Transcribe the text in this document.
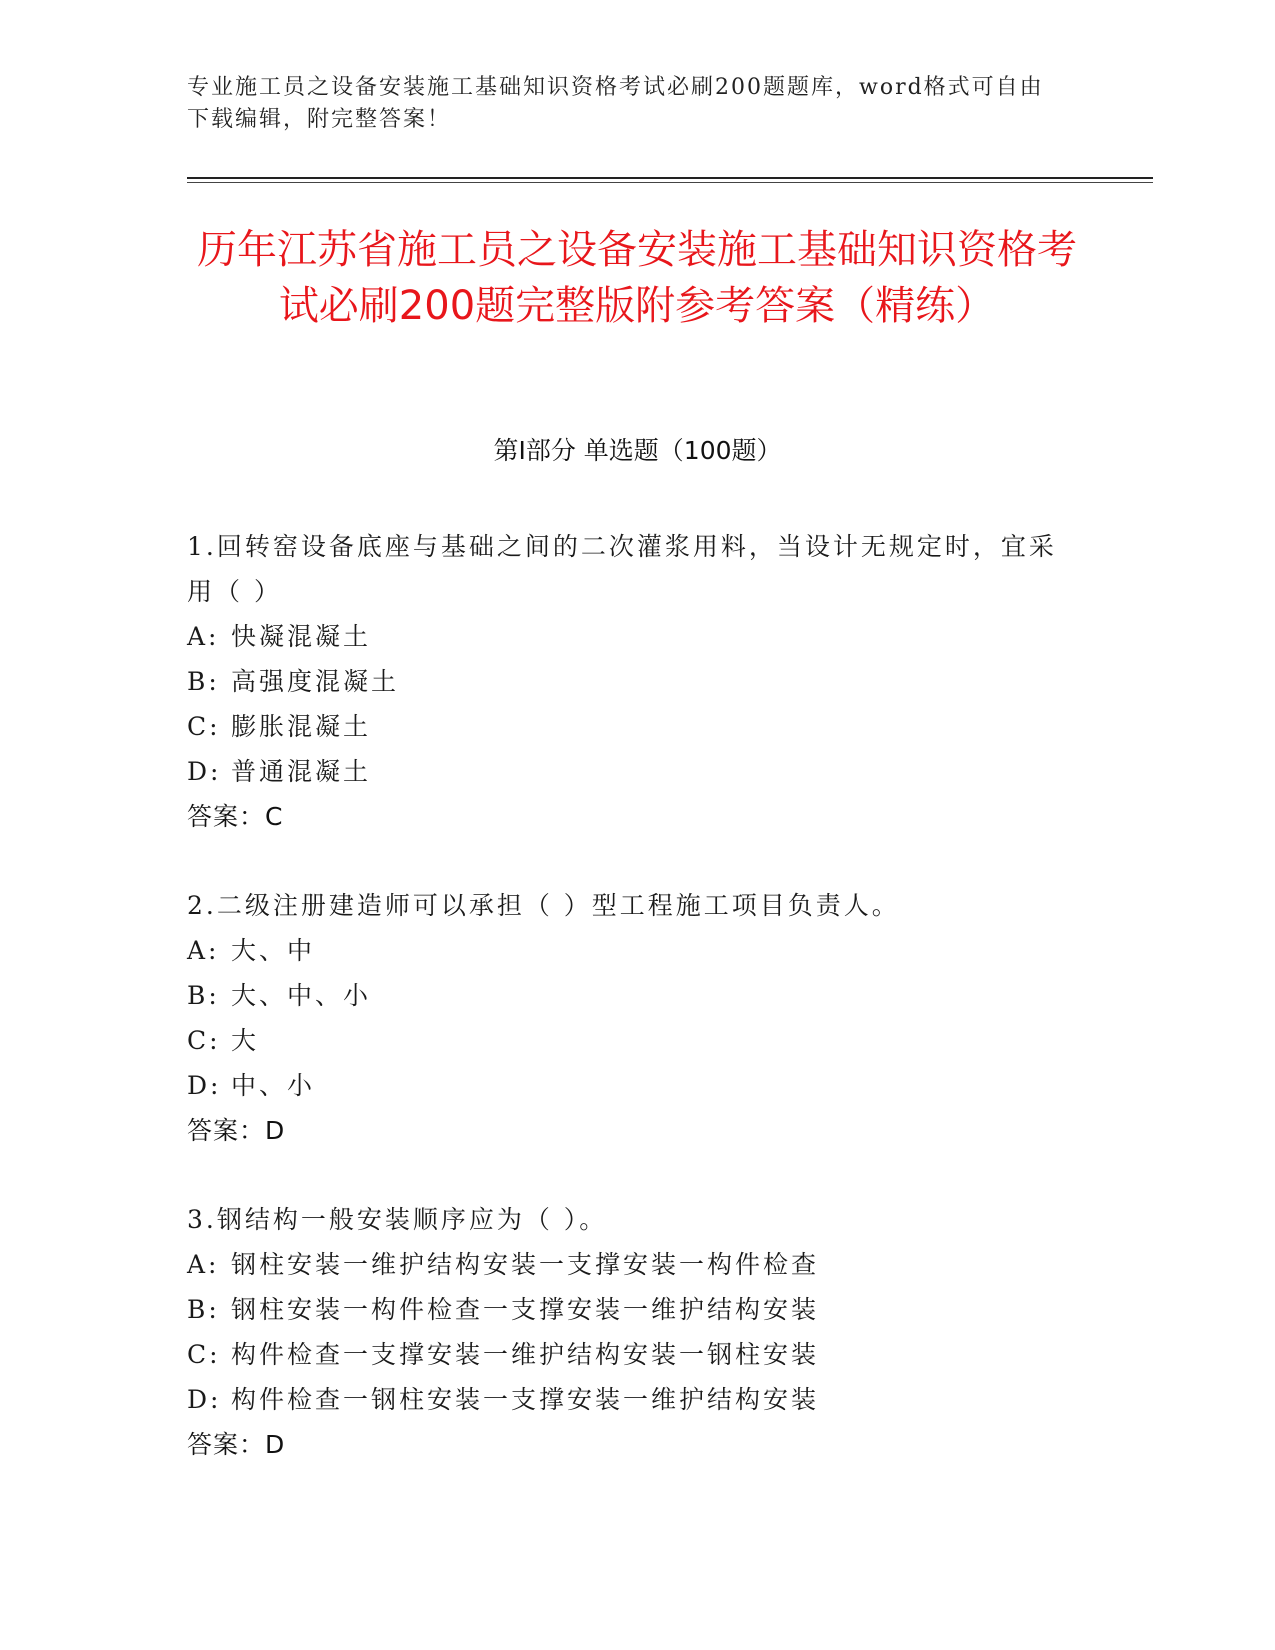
专业施工员之设备安装施工基础知识资格考试必刷200题题库，word格式可自由下载编辑，附完整答案！
历年江苏省施工员之设备安装施工基础知识资格考试必刷200题完整版附参考答案（精练）
第I部分 单选题（100题）
1.回转窑设备底座与基础之间的二次灌浆用料，当设计无规定时，宜采用（ ）
A: 快凝混凝土
B: 高强度混凝土
C: 膨胀混凝土
D: 普通混凝土
答案：C
2.二级注册建造师可以承担（ ）型工程施工项目负责人。
A: 大、中
B: 大、中、小
C: 大
D: 中、小
答案：D
3.钢结构一般安装顺序应为（ ）。
A: 钢柱安装一维护结构安装一支撑安装一构件检查
B: 钢柱安装一构件检查一支撑安装一维护结构安装
C: 构件检查一支撑安装一维护结构安装一钢柱安装
D: 构件检查一钢柱安装一支撑安装一维护结构安装
答案：D
